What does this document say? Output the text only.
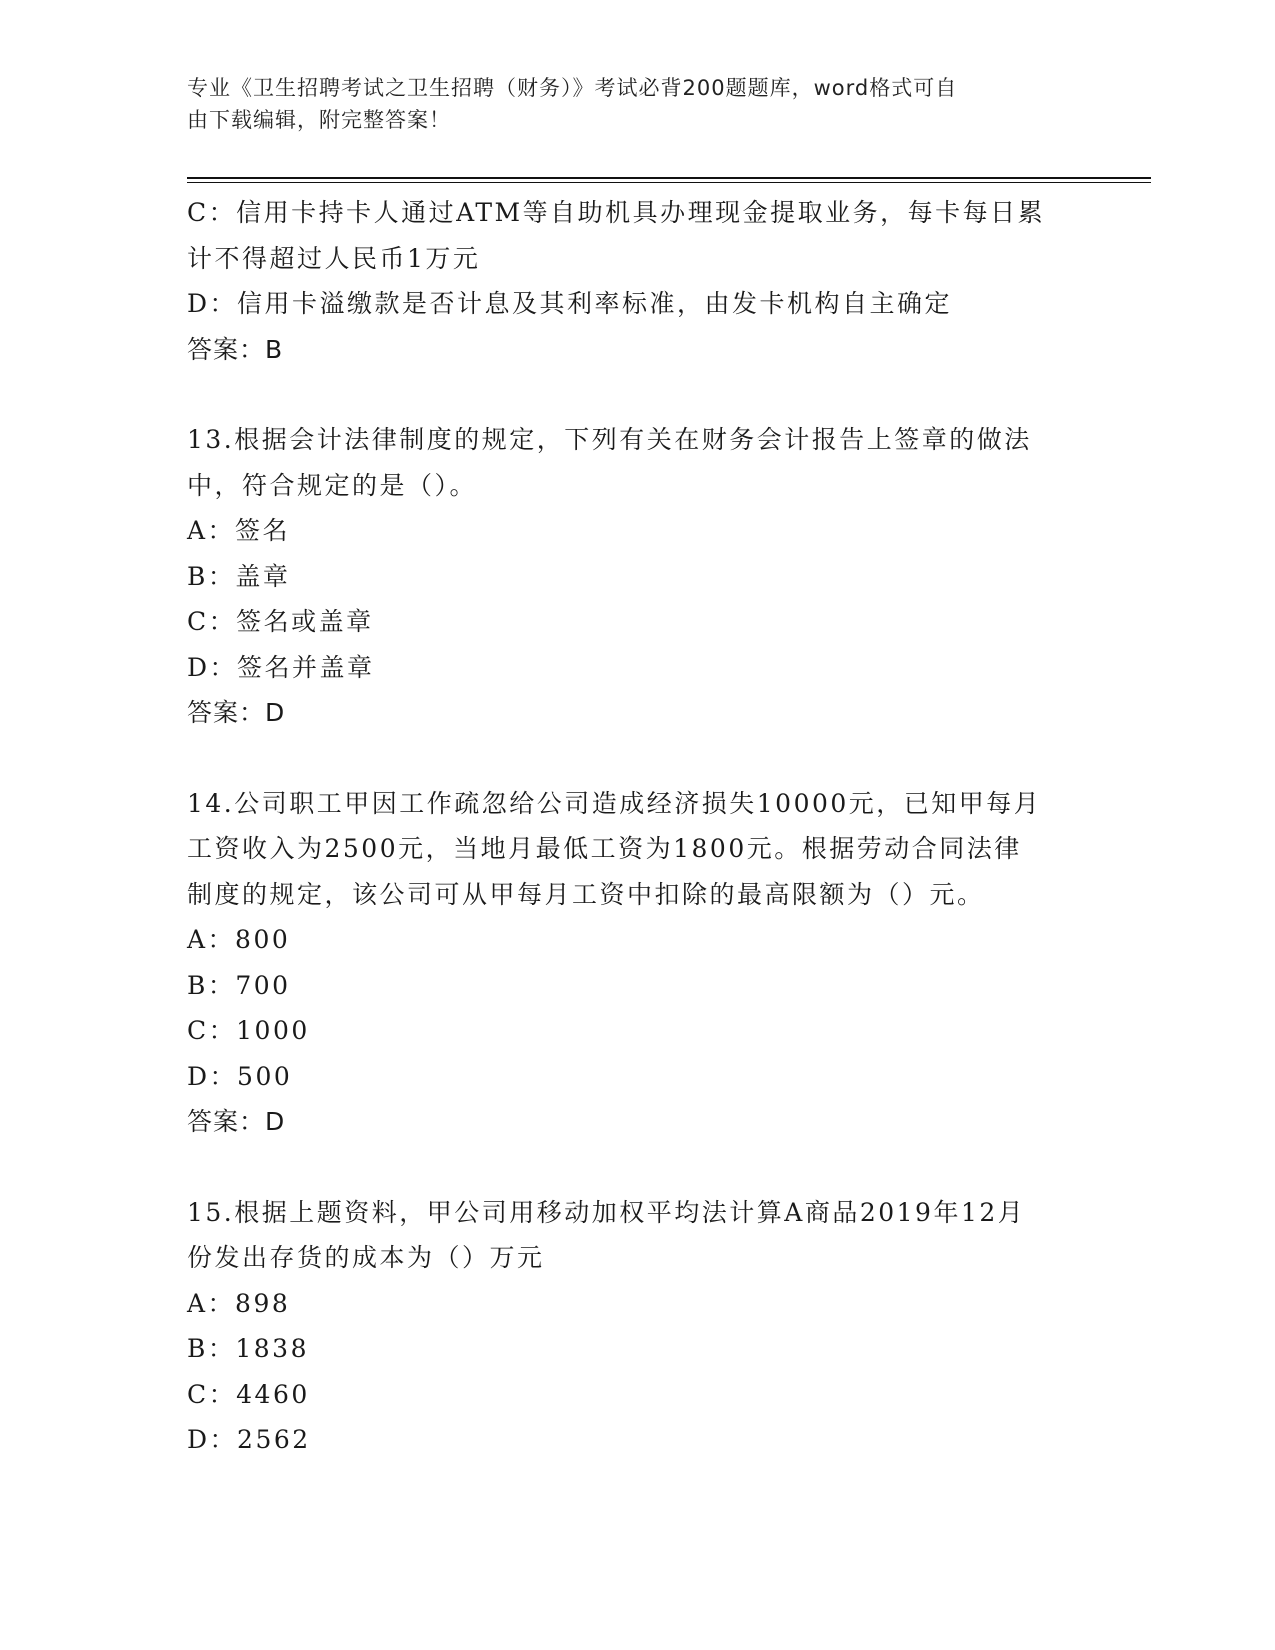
专业《卫生招聘考试之卫生招聘（财务）》考试必背200题题库，word格式可自
由下载编辑，附完整答案！
C：信用卡持卡人通过ATM等自助机具办理现金提取业务，每卡每日累
计不得超过人民币1万元
D：信用卡溢缴款是否计息及其利率标准，由发卡机构自主确定
答案：B
13.根据会计法律制度的规定，下列有关在财务会计报告上签章的做法
中，符合规定的是（）。
A：签名
B：盖章
C：签名或盖章
D：签名并盖章
答案：D
14.公司职工甲因工作疏忽给公司造成经济损失10000元，已知甲每月
工资收入为2500元，当地月最低工资为1800元。根据劳动合同法律
制度的规定，该公司可从甲每月工资中扣除的最高限额为（）元。
A：800
B：700
C：1000
D：500
答案：D
15.根据上题资料，甲公司用移动加权平均法计算A商品2019年12月
份发出存货的成本为（）万元
A：898
B：1838
C：4460
D：2562
